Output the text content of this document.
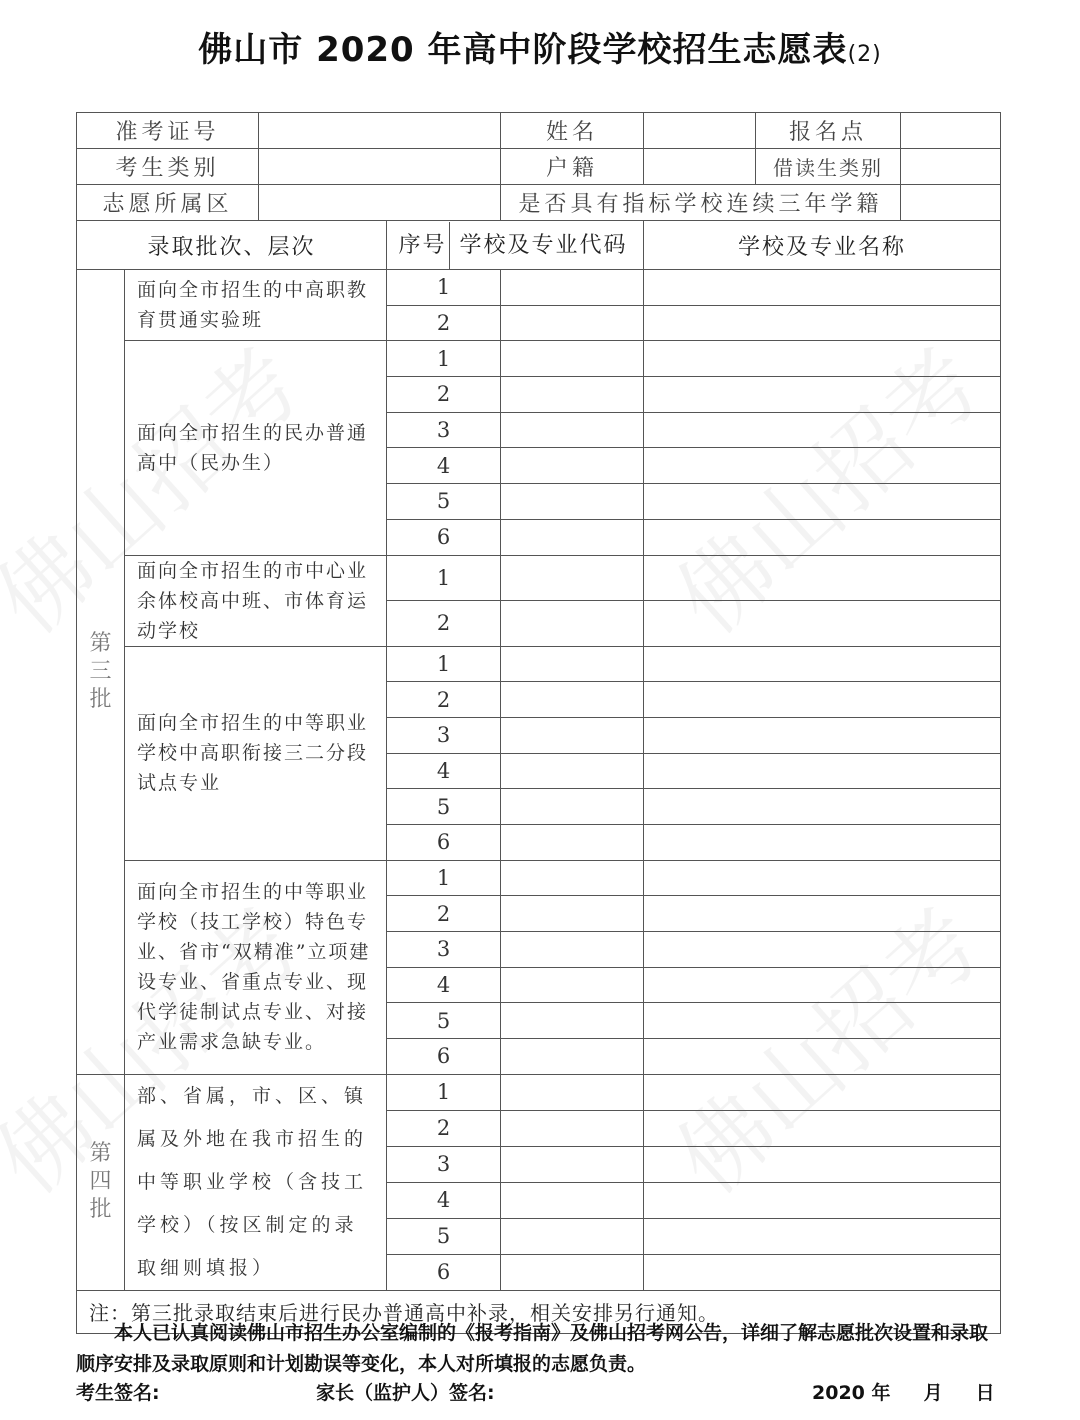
佛山市 2020 年高中阶段学校招生志愿表(2)
准考证号				姓名		报名点	
考生类别				户籍		借读生类别	
志愿所属区				是否具有指标学校连续三年学籍			
录取批次、层次			序号 学校及专业代码		学校及专业名称		

第三批	面向全市招生的中高职教育贯通实验班		1				
			2				
	面向全市招生的民办普通高中（民办生）		1				
			2				
			3				
			4				
			5				
			6				
	面向全市招生的市中心业余体校高中班、市体育运动学校		1				
			2				
	面向全市招生的中等职业学校中高职衔接三二分段试点专业		1				
			2				
			3				
			4				
			5				
			6				
	面向全市招生的中等职业学校（技工学校）特色专业、省市“双精准”立项建设专业、省重点专业、现代学徒制试点专业、对接产业需求急缺专业。		1				
			2				
			3				
			4				
			5				
			6				

第四批	部、省属，市、区、镇属及外地在我市招生的中等职业学校（含技工学校）（按区制定的录取细则填报）		1				
			2				
			3				
			4				
			5				
			6				
注：第三批录取结束后进行民办普通高中补录，相关安排另行通知。							

本人已认真阅读佛山市招生办公室编制的《报考指南》及佛山招考网公告，详细了解志愿批次设置和录取顺序安排及录取原则和计划勘误等变化，本人对所填报的志愿负责。

考生签名:	家长（监护人）签名:	2020 年     月     日
